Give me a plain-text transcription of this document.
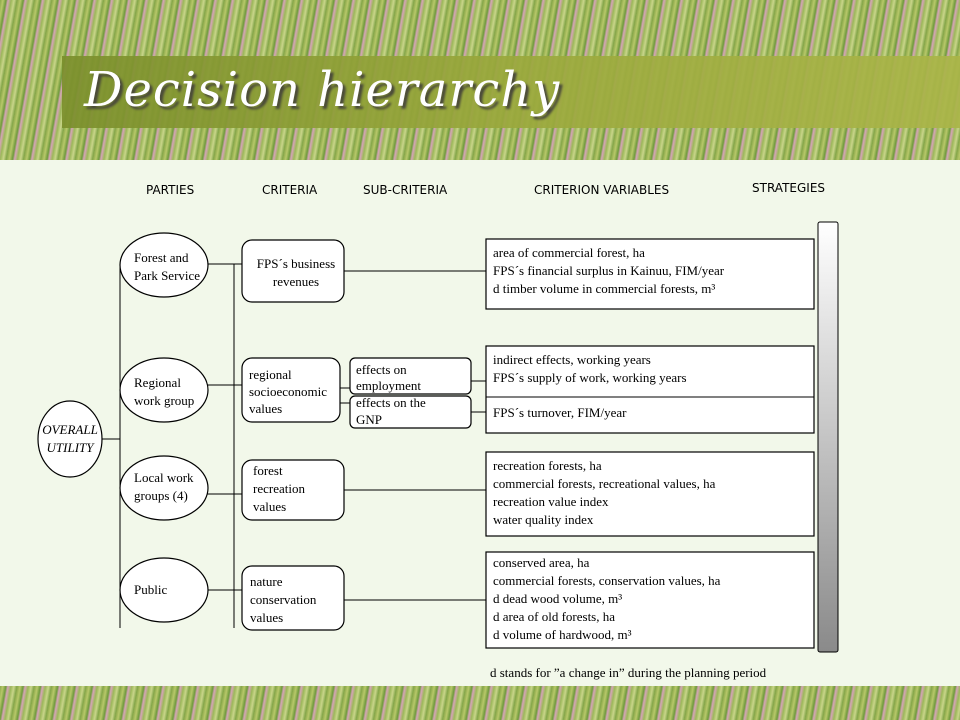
Decision hierarchy
PARTIES	CRITERIA	SUB-CRITERIA	CRITERION VARIABLES	STRATEGIES
OVERALL
UTILITY
Forest and
Park Service
Regional
work group
Local work
groups (4)
Public
FPS´s business
revenues
regional
socioeconomic
values
forest
recreation
values
nature
conservation
values
effects on
employment
effects on the
GNP
area of commercial forest, ha
FPS´s financial surplus in Kainuu, FIM/year
d timber volume in commercial forests, m³
indirect effects, working years
FPS´s supply of work, working years
FPS´s turnover, FIM/year
recreation forests, ha
commercial forests, recreational values, ha
recreation value index
water quality index
conserved area, ha
commercial forests, conservation values, ha
d dead wood volume, m³
d area of old forests, ha
d volume of hardwood, m³
d stands for ”a change in” during the planning period
